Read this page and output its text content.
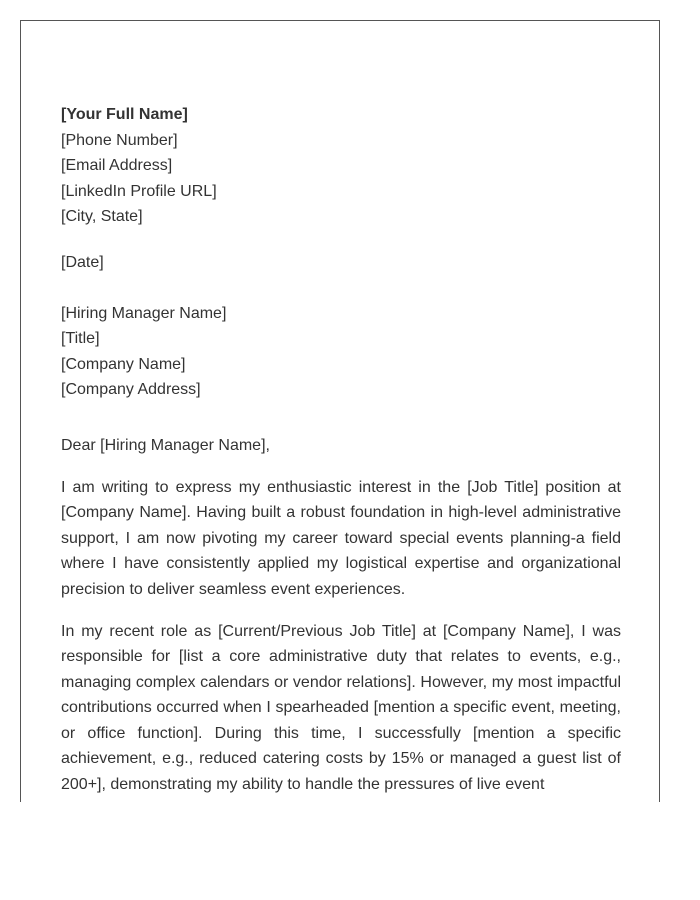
[Your Full Name]
[Phone Number]
[Email Address]
[LinkedIn Profile URL]
[City, State]
[Date]
[Hiring Manager Name]
[Title]
[Company Name]
[Company Address]
Dear [Hiring Manager Name],

I am writing to express my enthusiastic interest in the [Job Title] position at [Company Name]. Having built a robust foundation in high-level administrative support, I am now pivoting my career toward special events planning-a field where I have consistently applied my logistical expertise and organizational precision to deliver seamless event experiences.

In my recent role as [Current/Previous Job Title] at [Company Name], I was responsible for [list a core administrative duty that relates to events, e.g., managing complex calendars or vendor relations]. However, my most impactful contributions occurred when I spearheaded [mention a specific event, meeting, or office function]. During this time, I successfully [mention a specific achievement, e.g., reduced catering costs by 15% or managed a guest list of 200+], demonstrating my ability to handle the pressures of live event
